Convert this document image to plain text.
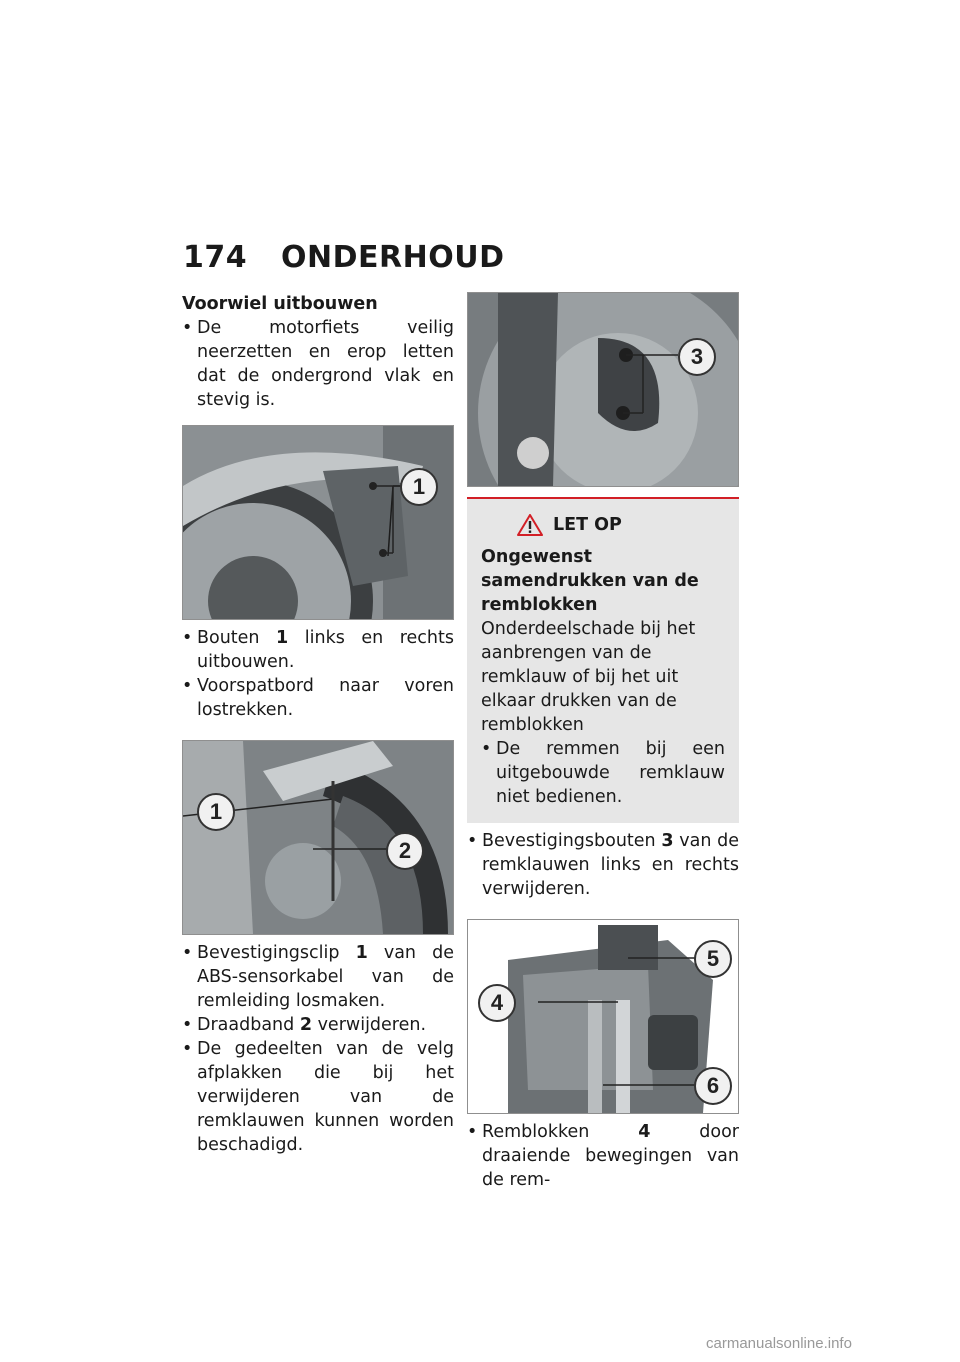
174 ONDERHOUD

Voorwiel uitbouwen

• De motorfiets veilig neerzetten en erop letten dat de ondergrond vlak en stevig is.

1

• Bouten 1 links en rechts uitbouwen.

• Voorspatbord naar voren lostrekken.

1
2

• Bevestigingsclip 1 van de ABS-sensorkabel van de remleiding losmaken.

• Draadband 2 verwijderen.

• De gedeelten van de velg afplakken die bij het verwijderen van de remklauwen kunnen worden beschadigd.

3
LET OP

Ongewenst samendrukken van de remblokken

Onderdeelschade bij het aanbrengen van de remklauw of bij het uit elkaar drukken van de remblokken

• De remmen bij een uitgebouwde remklauw niet bedienen.

• Bevestigingsbouten 3 van de remklauwen links en rechts verwijderen.

5
4
6

• Remblokken 4 door draaiende bewegingen van de rem-

carmanualsonline.info
